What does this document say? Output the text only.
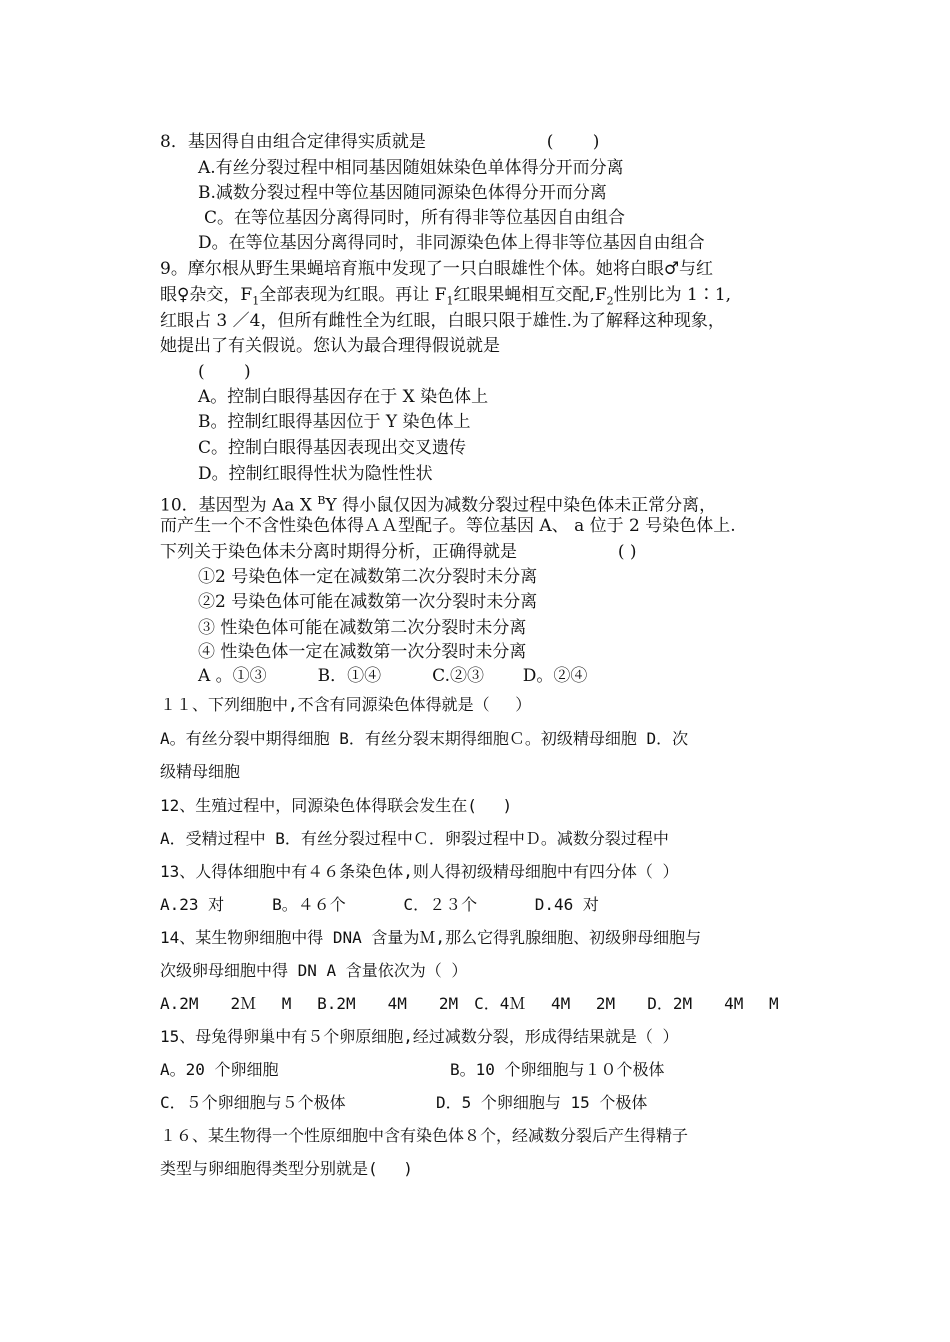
8．基因得自由组合定律得实质就是ﾠﾠﾠﾠ ﾠﾠ　(　　 )
A.有丝分裂过程中相同基因随姐妹染色单体得分开而分离
B.减数分裂过程中等位基因随同源染色体得分开而分离
C。在等位基因分离得同时，所有得非等位基因自由组合
D。在等位基因分离得同时，非同源染色体上得非等位基因自由组合
9。摩尔根从野生果蝇培育瓶中发现了一只白眼雄性个体。她将白眼♂与红
眼♀杂交，$F_1$全部表现为红眼。再让 $F_1$红眼果蝇相互交配$,F_2$性别比为 1∶1,
红眼占 3 ／4，但所有雌性全为红眼，白眼只限于雄性.为了解释这种现象，
她提出了有关假说。您认为最合理得假说就是　　ﾠ
(　　 )
A。控制白眼得基因存在于 X 染色体上
B。控制红眼得基因位于 Y 染色体上
C。控制白眼得基因表现出交叉遗传
D。控制红眼得性状为隐性性状
10．基因型为 Aa X $^B$Y 得小鼠仅因为减数分裂过程中染色体未正常分离，
而产生一个不含性染色体得ＡＡ型配子。等位基因 A、 a 位于 2 号染色体上.
下列关于染色体未分离时期得分析，正确得就是　　　ﾠﾠ　( )
①2 号染色体一定在减数第二次分裂时未分离
②2 号染色体可能在减数第一次分裂时未分离
③ 性染色体可能在减数第二次分裂时未分离
④ 性染色体一定在减数第一次分裂时未分离
A 。①③　　　B．①④　　　C.②③ ﾠ　D。②④
１１、下列细胞中,不含有同源染色体得就是（　 ）
A。有丝分裂中期得细胞 B．有丝分裂末期得细胞Ｃ。初级精母细胞 D．次
级精母细胞
12、生殖过程中，同源染色体得联会发生在(　 )
A．受精过程中 B．有丝分裂过程中Ｃ．卵裂过程中Ｄ。减数分裂过程中
13、人得体细胞中有４６条染色体,则人得初级精母细胞中有四分体（ ）
A.23 对　　　B。４６个　　　 C．２３个　　　 D.46 对
14、某生物卵细胞中得 DNA 含量为Ｍ,那么它得乳腺细胞、初级卵母细胞与
次级卵母细胞中得 DN A 含量依次为（ ）
A.2M　　2Ｍ　 M　 B.2M　　4M　　2M　C．4Ｍ　 4M　 2M　　D．2M　　4M　 M
15、母兔得卵巢中有５个卵原细胞,经过减数分裂，形成得结果就是（ ）
A。20 个卵细胞	B。10 个卵细胞与１０个极体
C．５个卵细胞与５个极体	D．5 个卵细胞与 15 个极体
１６、某生物得一个性原细胞中含有染色体８个，经减数分裂后产生得精子
类型与卵细胞得类型分别就是(　 )
